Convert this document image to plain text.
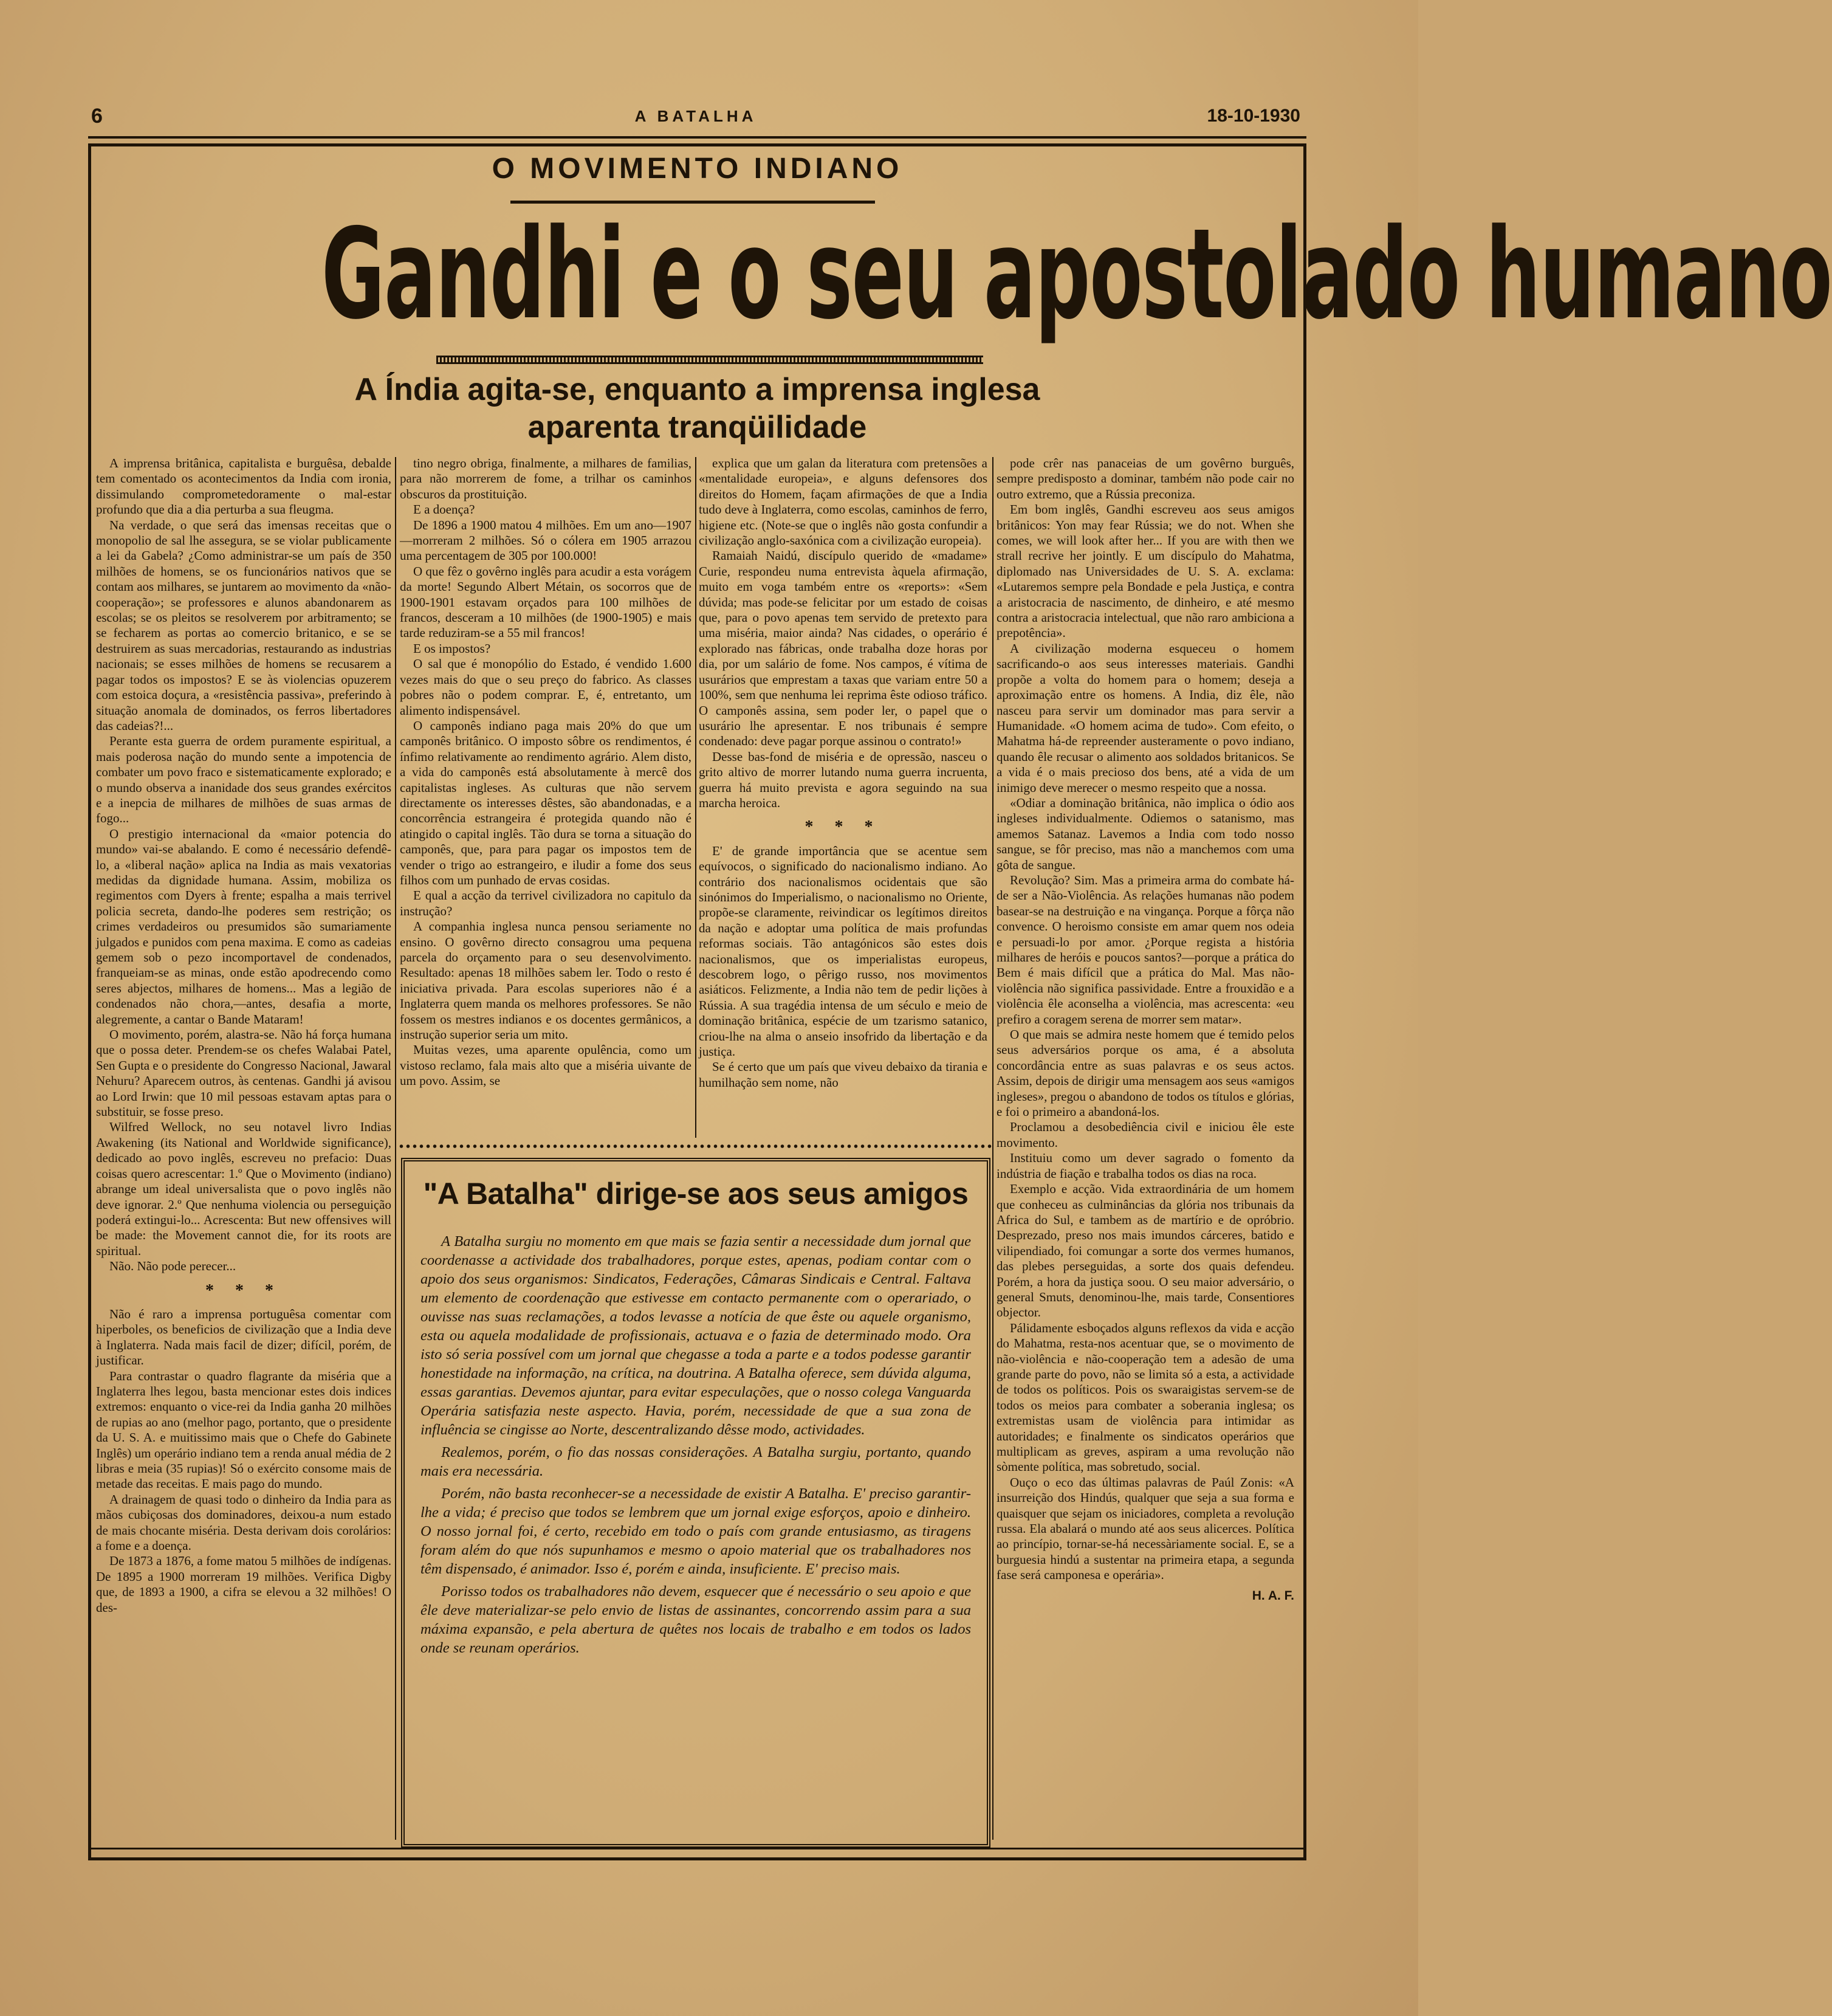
6	A BATALHA	18-10-1930
O MOVIMENTO INDIANO
Gandhi e o seu apostolado humano
A Índia agita-se, enquanto a imprensa inglesa
aparenta tranqüilidade

A imprensa britânica, capitalista e burguêsa, debalde tem comentado os acontecimentos da India com ironia, dissimulando comprometedoramente o mal-estar profundo que dia a dia perturba a sua fleugma.

Na verdade, o que será das imensas receitas que o monopolio de sal lhe assegura, se se violar publicamente a lei da Gabela? ¿Como administrar-se um país de 350 milhões de homens, se os funcionários nativos que se contam aos milhares, se juntarem ao movimento da «não-cooperação»; se professores e alunos abandonarem as escolas; se os pleitos se resolverem por arbitramento; se se fecharem as portas ao comercio britanico, e se se destruirem as suas mercadorias, restaurando as industrias nacionais; se esses milhões de homens se recusarem a pagar todos os impostos? E se às violencias opuzerem com estoica doçura, a «resistência passiva», preferindo à situação anomala de dominados, os ferros libertadores das cadeias?!...

Perante esta guerra de ordem puramente espiritual, a mais poderosa nação do mundo sente a impotencia de combater um povo fraco e sistematicamente explorado; e o mundo observa a inanidade dos seus grandes exércitos e a inepcia de milhares de milhões de suas armas de fogo...

O prestigio internacional da «maior potencia do mundo» vai-se abalando. E como é necessário defendê-lo, a «liberal nação» aplica na India as mais vexatorias medidas da dignidade humana. Assim, mobiliza os regimentos com Dyers à frente; espalha a mais terrivel policia secreta, dando-lhe poderes sem restrição; os crimes verdadeiros ou presumidos são sumariamente julgados e punidos com pena maxima. E como as cadeias gemem sob o pezo incomportavel de condenados, franqueiam-se as minas, onde estão apodrecendo como seres abjectos, milhares de homens... Mas a legião de condenados não chora,—antes, desafia a morte, alegremente, a cantar o Bande Mataram!

O movimento, porém, alastra-se. Não há força humana que o possa deter. Prendem-se os chefes Walabai Patel, Sen Gupta e o presidente do Congresso Nacional, Jawaral Nehuru? Aparecem outros, às centenas. Gandhi já avisou ao Lord Irwin: que 10 mil pessoas estavam aptas para o substituir, se fosse preso.

Wilfred Wellock, no seu notavel livro Indias Awakening (its National and Worldwide significance), dedicado ao povo inglês, escreveu no prefacio: Duas coisas quero acrescentar: 1.º Que o Movimento (indiano) abrange um ideal universalista que o povo inglês não deve ignorar. 2.º Que nenhuma violencia ou perseguição poderá extingui-lo... Acrescenta: But new offensives will be made: the Movement cannot die, for its roots are spiritual.

Não. Não pode perecer...

* * *

Não é raro a imprensa portuguêsa comentar com hiperboles, os beneficios de civilização que a India deve à Inglaterra. Nada mais facil de dizer; difícil, porém, de justificar.

Para contrastar o quadro flagrante da miséria que a Inglaterra lhes legou, basta mencionar estes dois indices extremos: enquanto o vice-rei da India ganha 20 milhões de rupias ao ano (melhor pago, portanto, que o presidente da U. S. A. e muitissimo mais que o Chefe do Gabinete Inglês) um operário indiano tem a renda anual média de 2 libras e meia (35 rupias)! Só o exército consome mais de metade das receitas. E mais pago do mundo.

A drainagem de quasi todo o dinheiro da India para as mãos cubiçosas dos dominadores, deixou-a num estado de mais chocante miséria. Desta derivam dois corolários: a fome e a doença.

De 1873 a 1876, a fome matou 5 milhões de indígenas. De 1895 a 1900 morreram 19 milhões. Verifica Digby que, de 1893 a 1900, a cifra se elevou a 32 milhões! O des-

tino negro obriga, finalmente, a milhares de familias, para não morrerem de fome, a trilhar os caminhos obscuros da prostituição.

E a doença?

De 1896 a 1900 matou 4 milhões. Em um ano—1907—morreram 2 milhões. Só o cólera em 1905 arrazou uma percentagem de 305 por 100.000!

O que fêz o govêrno inglês para acudir a esta vorágem da morte! Segundo Albert Métain, os socorros que de 1900-1901 estavam orçados para 100 milhões de francos, desceram a 10 milhões (de 1900-1905) e mais tarde reduziram-se a 55 mil francos!

E os impostos?

O sal que é monopólio do Estado, é vendido 1.600 vezes mais do que o seu preço do fabrico. As classes pobres não o podem comprar. E, é, entretanto, um alimento indispensável.

O camponês indiano paga mais 20% do que um camponês britânico. O imposto sôbre os rendimentos, é ínfimo relativamente ao rendimento agrário. Alem disto, a vida do camponês está absolutamente à mercê dos capitalistas ingleses. As culturas que não servem directamente os interesses dêstes, são abandonadas, e a concorrência estrangeira é protegida quando não é atingido o capital inglês. Tão dura se torna a situação do camponês, que, para para pagar os impostos tem de vender o trigo ao estrangeiro, e iludir a fome dos seus filhos com um punhado de ervas cosidas.

E qual a acção da terrivel civilizadora no capitulo da instrução?

A companhia inglesa nunca pensou seriamente no ensino. O govêrno directo consagrou uma pequena parcela do orçamento para o seu desenvolvimento. Resultado: apenas 18 milhões sabem ler. Todo o resto é iniciativa privada. Para escolas superiores não é a Inglaterra quem manda os melhores professores. Se não fossem os mestres indianos e os docentes germânicos, a instrução superior seria um mito.

Muitas vezes, uma aparente opulência, como um vistoso reclamo, fala mais alto que a miséria uivante de um povo. Assim, se

explica que um galan da literatura com pretensões a «mentalidade europeia», e alguns defensores dos direitos do Homem, façam afirmações de que a India tudo deve à Inglaterra, como escolas, caminhos de ferro, higiene etc. (Note-se que o inglês não gosta confundir a civilização anglo-saxónica com a civilização europeia).

Ramaiah Naidú, discípulo querido de «madame» Curie, respondeu numa entrevista àquela afirmação, muito em voga também entre os «reports»: «Sem dúvida; mas pode-se felicitar por um estado de coisas que, para o povo apenas tem servido de pretexto para uma miséria, maior ainda? Nas cidades, o operário é explorado nas fábricas, onde trabalha doze horas por dia, por um salário de fome. Nos campos, é vítima de usurários que emprestam a taxas que variam entre 50 a 100%, sem que nenhuma lei reprima êste odioso tráfico. O camponês assina, sem poder ler, o papel que o usurário lhe apresentar. E nos tribunais é sempre condenado: deve pagar porque assinou o contrato!»

Desse bas-fond de miséria e de opressão, nasceu o grito altivo de morrer lutando numa guerra incruenta, guerra há muito prevista e agora seguindo na sua marcha heroica.

* * *

E' de grande importância que se acentue sem equívocos, o significado do nacionalismo indiano. Ao contrário dos nacionalismos ocidentais que são sinónimos do Imperialismo, o nacionalismo no Oriente, propõe-se claramente, reivindicar os legítimos direitos da nação e adoptar uma política de mais profundas reformas sociais. Tão antagónicos são estes dois nacionalismos, que os imperialistas europeus, descobrem logo, o pêrigo russo, nos movimentos asiáticos. Felizmente, a India não tem de pedir lições à Rússia. A sua tragédia intensa de um século e meio de dominação britânica, espécie de um tzarismo satanico, criou-lhe na alma o anseio insofrido da libertação e da justiça.

Se é certo que um país que viveu debaixo da tirania e humilhação sem nome, não

pode crêr nas panaceias de um govêrno burguês, sempre predisposto a dominar, também não pode cair no outro extremo, que a Rússia preconiza.

Em bom inglês, Gandhi escreveu aos seus amigos britânicos: Yon may fear Rússia; we do not. When she comes, we will look after her... If you are with then we strall recrive her jointly. E um discípulo do Mahatma, diplomado nas Universidades de U. S. A. exclama: «Lutaremos sempre pela Bondade e pela Justiça, e contra a aristocracia de nascimento, de dinheiro, e até mesmo contra a aristocracia intelectual, que não raro ambiciona a prepotência».

A civilização moderna esqueceu o homem sacrificando-o aos seus interesses materiais. Gandhi propõe a volta do homem para o homem; deseja a aproximação entre os homens. A India, diz êle, não nasceu para servir um dominador mas para servir a Humanidade. «O homem acima de tudo». Com efeito, o Mahatma há-de repreender austeramente o povo indiano, quando êle recusar o alimento aos soldados britanicos. Se a vida é o mais precioso dos bens, até a vida de um inimigo deve merecer o mesmo respeito que a nossa.

«Odiar a dominação britânica, não implica o ódio aos ingleses individualmente. Odiemos o satanismo, mas amemos Satanaz. Lavemos a India com todo nosso sangue, se fôr preciso, mas não a manchemos com uma gôta de sangue.

Revolução? Sim. Mas a primeira arma do combate há-de ser a Não-Violência. As relações humanas não podem basear-se na destruição e na vingança. Porque a fôrça não convence. O heroismo consiste em amar quem nos odeia e persuadi-lo por amor. ¿Porque regista a história milhares de heróis e poucos santos?—porque a prática do Bem é mais difícil que a prática do Mal. Mas não-violência não significa passividade. Entre a frouxidão e a violência êle aconselha a violência, mas acrescenta: «eu prefiro a coragem serena de morrer sem matar».

O que mais se admira neste homem que é temido pelos seus adversários porque os ama, é a absoluta concordância entre as suas palavras e os seus actos. Assim, depois de dirigir uma mensagem aos seus «amigos ingleses», pregou o abandono de todos os títulos e glórias, e foi o primeiro a abandoná-los.

Proclamou a desobediência civil e iniciou êle este movimento.

Instituiu como um dever sagrado o fomento da indústria de fiação e trabalha todos os dias na roca.

Exemplo e acção. Vida extraordinária de um homem que conheceu as culminâncias da glória nos tribunais da Africa do Sul, e tambem as de martírio e de opróbrio. Desprezado, preso nos mais imundos cárceres, batido e vilipendiado, foi comungar a sorte dos vermes humanos, das plebes perseguidas, a sorte dos quais defendeu. Porém, a hora da justiça soou. O seu maior adversário, o general Smuts, denominou-lhe, mais tarde, Consentiores objector.

Pálidamente esboçados alguns reflexos da vida e acção do Mahatma, resta-nos acentuar que, se o movimento de não-violência e não-cooperação tem a adesão de uma grande parte do povo, não se limita só a esta, a actividade de todos os políticos. Pois os swaraigistas servem-se de todos os meios para combater a soberania inglesa; os extremistas usam de violência para intimidar as autoridades; e finalmente os sindicatos operários que multiplicam as greves, aspiram a uma revolução não sòmente política, mas sobretudo, social.

Ouço o eco das últimas palavras de Paúl Zonis: «A insurreição dos Hindús, qualquer que seja a sua forma e quaisquer que sejam os iniciadores, completa a revolução russa. Ela abalará o mundo até aos seus alicerces. Política ao princípio, tornar-se-há necessàriamente social. E, se a burguesia hindú a sustentar na primeira etapa, a segunda fase será camponesa e operária».

H. A. F.
"A Batalha" dirige-se aos seus amigos

A Batalha surgiu no momento em que mais se fazia sentir a necessidade dum jornal que coordenasse a actividade dos trabalhadores, porque estes, apenas, podiam contar com o apoio dos seus organismos: Sindicatos, Federações, Câmaras Sindicais e Central. Faltava um elemento de coordenação que estivesse em contacto permanente com o operariado, o ouvisse nas suas reclamações, a todos levasse a notícia de que êste ou aquele organismo, esta ou aquela modalidade de profissionais, actuava e o fazia de determinado modo. Ora isto só seria possível com um jornal que chegasse a toda a parte e a todos podesse garantir honestidade na informação, na crítica, na doutrina. A Batalha oferece, sem dúvida alguma, essas garantias. Devemos ajuntar, para evitar especulações, que o nosso colega Vanguarda Operária satisfazia neste aspecto. Havia, porém, necessidade de que a sua zona de influência se cingisse ao Norte, descentralizando dêsse modo, actividades.

Realemos, porém, o fio das nossas considerações. A Batalha surgiu, portanto, quando mais era necessária.

Porém, não basta reconhecer-se a necessidade de existir A Batalha. E' preciso garantir-lhe a vida; é preciso que todos se lembrem que um jornal exige esforços, apoio e dinheiro. O nosso jornal foi, é certo, recebido em todo o país com grande entusiasmo, as tiragens foram além do que nós supunhamos e mesmo o apoio material que os trabalhadores nos têm dispensado, é animador. Isso é, porém e ainda, insuficiente. E' preciso mais.

Porisso todos os trabalhadores não devem, esquecer que é necessário o seu apoio e que êle deve materializar-se pelo envio de listas de assinantes, concorrendo assim para a sua máxima expansão, e pela abertura de quêtes nos locais de trabalho e em todos os lados onde se reunam operários.
